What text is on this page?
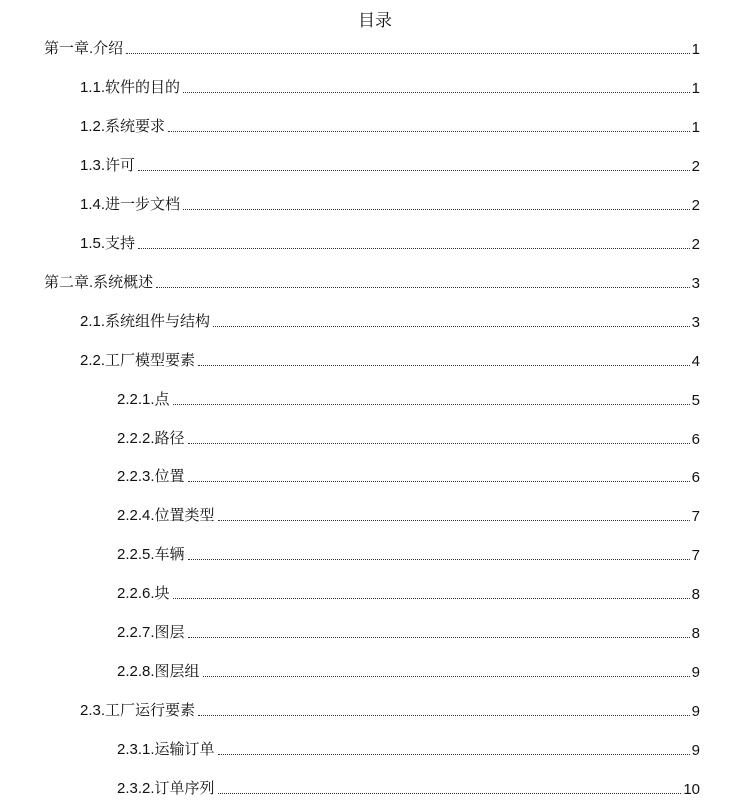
目录
第一章.介绍	1
1.1.软件的目的	1
1.2.系统要求	1
1.3.许可	2
1.4.进一步文档	2
1.5.支持	2
第二章.系统概述	3
2.1.系统组件与结构	3
2.2.工厂模型要素	4
2.2.1.点	5
2.2.2.路径	6
2.2.3.位置	6
2.2.4.位置类型	7
2.2.5.车辆	7
2.2.6.块	8
2.2.7.图层	8
2.2.8.图层组	9
2.3.工厂运行要素	9
2.3.1.运输订单	9
2.3.2.订单序列	10
